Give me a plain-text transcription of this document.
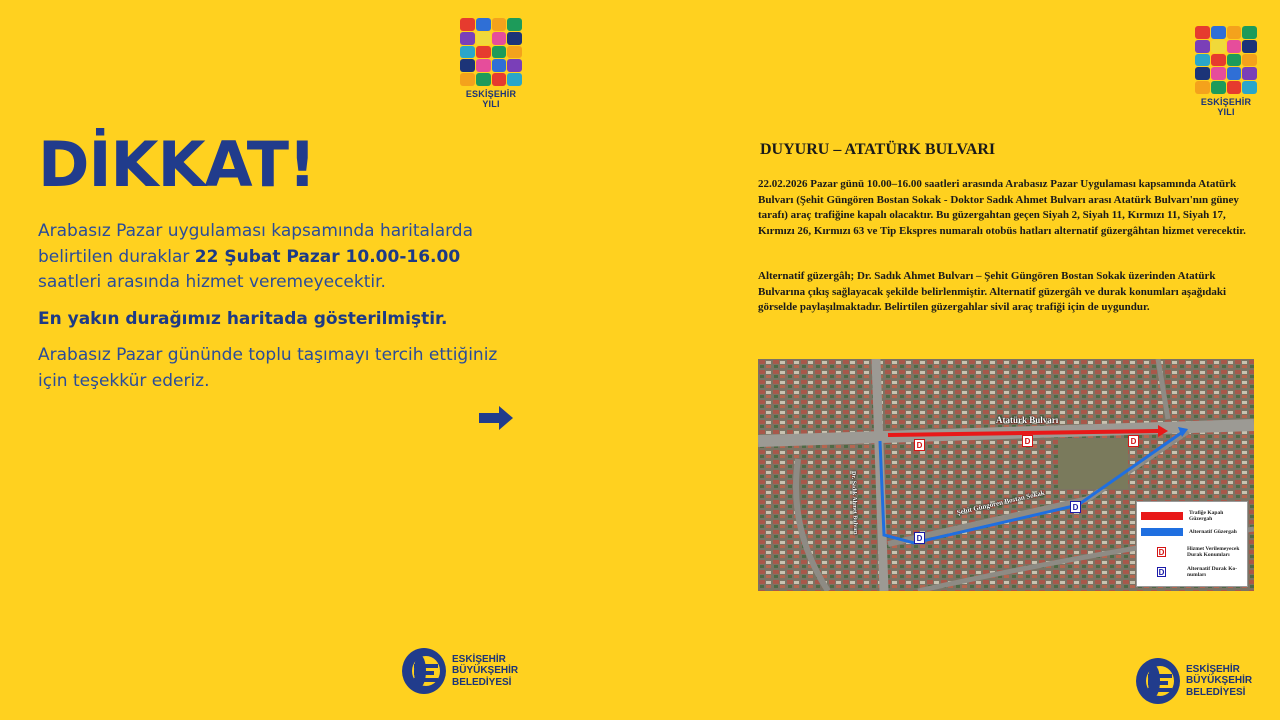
ESKİŞEHİR YILI	ESKİŞEHİR YILI
DİKKAT!
Arabasız Pazar uygulaması kapsamında haritalarda belirtilen duraklar 22 Şubat Pazar 10.00-16.00 saatleri arasında hizmet veremeyecektir.
En yakın durağımız haritada gösterilmiştir.
Arabasız Pazar gününde toplu taşımayı tercih ettiğiniz için teşekkür ederiz.
ESKİŞEHİR
BÜYÜKŞEHİR
BELEDİYESİ
ESKİŞEHİR
BÜYÜKŞEHİR
BELEDİYESİ
DUYURU – ATATÜRK BULVARI
22.02.2026 Pazar günü 10.00–16.00 saatleri arasında Arabasız Pazar Uygulaması kapsamında Atatürk Bulvarı (Şehit Güngören Bostan Sokak - Doktor Sadık Ahmet Bulvarı arası Atatürk Bulvarı'nın güney tarafı) araç trafiğine kapalı olacaktır. Bu güzergahtan geçen Siyah 2, Siyah 11, Kırmızı 11, Siyah 17, Kırmızı 26, Kırmızı 63 ve Tip Ekspres numaralı otobüs hatları alternatif güzergâhtan hizmet verecektir.
Alternatif güzergâh; Dr. Sadık Ahmet Bulvarı – Şehit Güngören Bostan Sokak üzerinden Atatürk Bulvarına çıkış sağlayacak şekilde belirlenmiştir. Alternatif güzergâh ve durak konumları aşağıdaki görselde paylaşılmaktadır. Belirtilen güzergahlar sivil araç trafiği için de uygundur.
Atatürk Bulvarı
Dr. Sadık Ahmet Bulvarı	Şehit Güngören Bostan Sokak
D	D	D
D
D
Trafiğe Kapalı Güzergah
Alternatif Güzergah
D	Hizmet Verilemeyecek Durak Konumları
D	Alternatif Durak Ko-numları
